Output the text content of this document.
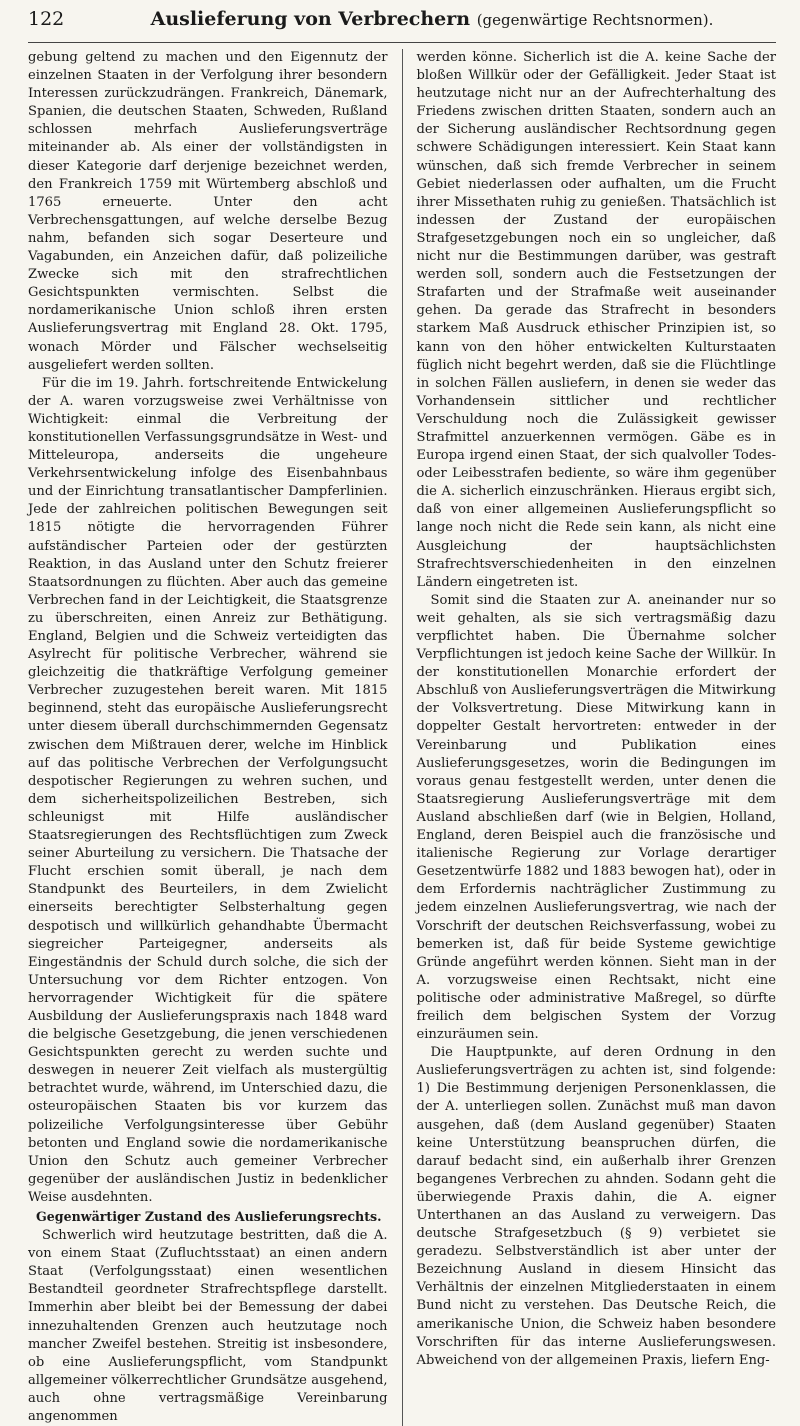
122	Auslieferung von Verbrechern (gegenwärtige Rechtsnormen).

gebung geltend zu machen und den Eigennutz der einzelnen Staaten in der Verfolgung ihrer besondern Interessen zurückzudrängen. Frankreich, Dänemark, Spanien, die deutschen Staaten, Schweden, Rußland schlossen mehrfach Auslieferungsverträge miteinander ab. Als einer der vollständigsten in dieser Kategorie darf derjenige bezeichnet werden, den Frankreich 1759 mit Würtemberg abschloß und 1765 erneuerte. Unter den acht Verbrechensgattungen, auf welche derselbe Bezug nahm, befanden sich sogar Deserteure und Vagabunden, ein Anzeichen dafür, daß polizeiliche Zwecke sich mit den strafrechtlichen Gesichtspunkten vermischten. Selbst die nordamerikanische Union schloß ihren ersten Auslieferungsvertrag mit England 28. Okt. 1795, wonach Mörder und Fälscher wechselseitig ausgeliefert werden sollten.

Für die im 19. Jahrh. fortschreitende Entwickelung der A. waren vorzugsweise zwei Verhältnisse von Wichtigkeit: einmal die Verbreitung der konstitutionellen Verfassungsgrundsätze in West- und Mitteleuropa, anderseits die ungeheure Verkehrsentwickelung infolge des Eisenbahnbaus und der Einrichtung transatlantischer Dampferlinien. Jede der zahlreichen politischen Bewegungen seit 1815 nötigte die hervorragenden Führer aufständischer Parteien oder der gestürzten Reaktion, in das Ausland unter den Schutz freierer Staatsordnungen zu flüchten. Aber auch das gemeine Verbrechen fand in der Leichtigkeit, die Staatsgrenze zu überschreiten, einen Anreiz zur Bethätigung. England, Belgien und die Schweiz verteidigten das Asylrecht für politische Verbrecher, während sie gleichzeitig die thatkräftige Verfolgung gemeiner Verbrecher zuzugestehen bereit waren. Mit 1815 beginnend, steht das europäische Auslieferungsrecht unter diesem überall durchschimmernden Gegensatz zwischen dem Mißtrauen derer, welche im Hinblick auf das politische Verbrechen der Verfolgungsucht despotischer Regierungen zu wehren suchen, und dem sicherheitspolizeilichen Bestreben, sich schleunigst mit Hilfe ausländischer Staatsregierungen des Rechtsflüchtigen zum Zweck seiner Aburteilung zu versichern. Die Thatsache der Flucht erschien somit überall, je nach dem Standpunkt des Beurteilers, in dem Zwielicht einerseits berechtigter Selbsterhaltung gegen despotisch und willkürlich gehandhabte Übermacht siegreicher Parteigegner, anderseits als Eingeständnis der Schuld durch solche, die sich der Untersuchung vor dem Richter entzogen. Von hervorragender Wichtigkeit für die spätere Ausbildung der Auslieferungspraxis nach 1848 ward die belgische Gesetzgebung, die jenen verschiedenen Gesichtspunkten gerecht zu werden suchte und deswegen in neuerer Zeit vielfach als mustergültig betrachtet wurde, während, im Unterschied dazu, die osteuropäischen Staaten bis vor kurzem das polizeiliche Verfolgungsinteresse über Gebühr betonten und England sowie die nordamerikanische Union den Schutz auch gemeiner Verbrecher gegenüber der ausländischen Justiz in bedenklicher Weise ausdehnten.

Gegenwärtiger Zustand des Auslieferungsrechts.

Schwerlich wird heutzutage bestritten, daß die A. von einem Staat (Zufluchtsstaat) an einen andern Staat (Verfolgungsstaat) einen wesentlichen Bestandteil geordneter Strafrechtspflege darstellt. Immerhin aber bleibt bei der Bemessung der dabei innezuhaltenden Grenzen auch heutzutage noch mancher Zweifel bestehen. Streitig ist insbesondere, ob eine Auslieferungspflicht, vom Standpunkt allgemeiner völkerrechtlicher Grundsätze ausgehend, auch ohne vertragsmäßige Vereinbarung angenommen

werden könne. Sicherlich ist die A. keine Sache der bloßen Willkür oder der Gefälligkeit. Jeder Staat ist heutzutage nicht nur an der Aufrechterhaltung des Friedens zwischen dritten Staaten, sondern auch an der Sicherung ausländischer Rechtsordnung gegen schwere Schädigungen interessiert. Kein Staat kann wünschen, daß sich fremde Verbrecher in seinem Gebiet niederlassen oder aufhalten, um die Frucht ihrer Missethaten ruhig zu genießen. Thatsächlich ist indessen der Zustand der europäischen Strafgesetzgebungen noch ein so ungleicher, daß nicht nur die Bestimmungen darüber, was gestraft werden soll, sondern auch die Festsetzungen der Strafarten und der Strafmaße weit auseinander gehen. Da gerade das Strafrecht in besonders starkem Maß Ausdruck ethischer Prinzipien ist, so kann von den höher entwickelten Kulturstaaten füglich nicht begehrt werden, daß sie die Flüchtlinge in solchen Fällen ausliefern, in denen sie weder das Vorhandensein sittlicher und rechtlicher Verschuldung noch die Zulässigkeit gewisser Strafmittel anzuerkennen vermögen. Gäbe es in Europa irgend einen Staat, der sich qualvoller Todes- oder Leibesstrafen bediente, so wäre ihm gegenüber die A. sicherlich einzuschränken. Hieraus ergibt sich, daß von einer allgemeinen Auslieferungspflicht so lange noch nicht die Rede sein kann, als nicht eine Ausgleichung der hauptsächlichsten Strafrechtsverschiedenheiten in den einzelnen Ländern eingetreten ist.

Somit sind die Staaten zur A. aneinander nur so weit gehalten, als sie sich vertragsmäßig dazu verpflichtet haben. Die Übernahme solcher Verpflichtungen ist jedoch keine Sache der Willkür. In der konstitutionellen Monarchie erfordert der Abschluß von Auslieferungsverträgen die Mitwirkung der Volksvertretung. Diese Mitwirkung kann in doppelter Gestalt hervortreten: entweder in der Vereinbarung und Publikation eines Auslieferungsgesetzes, worin die Bedingungen im voraus genau festgestellt werden, unter denen die Staatsregierung Auslieferungsverträge mit dem Ausland abschließen darf (wie in Belgien, Holland, England, deren Beispiel auch die französische und italienische Regierung zur Vorlage derartiger Gesetzentwürfe 1882 und 1883 bewogen hat), oder in dem Erfordernis nachträglicher Zustimmung zu jedem einzelnen Auslieferungsvertrag, wie nach der Vorschrift der deutschen Reichsverfassung, wobei zu bemerken ist, daß für beide Systeme gewichtige Gründe angeführt werden können. Sieht man in der A. vorzugsweise einen Rechtsakt, nicht eine politische oder administrative Maßregel, so dürfte freilich dem belgischen System der Vorzug einzuräumen sein.

Die Hauptpunkte, auf deren Ordnung in den Auslieferungsverträgen zu achten ist, sind folgende: 1) Die Bestimmung derjenigen Personenklassen, die der A. unterliegen sollen. Zunächst muß man davon ausgehen, daß (dem Ausland gegenüber) Staaten keine Unterstützung beanspruchen dürfen, die darauf bedacht sind, ein außerhalb ihrer Grenzen begangenes Verbrechen zu ahnden. Sodann geht die überwiegende Praxis dahin, die A. eigner Unterthanen an das Ausland zu verweigern. Das deutsche Strafgesetzbuch (§ 9) verbietet sie geradezu. Selbstverständlich ist aber unter der Bezeichnung Ausland in diesem Hinsicht das Verhältnis der einzelnen Mitgliederstaaten in einem Bund nicht zu verstehen. Das Deutsche Reich, die amerikanische Union, die Schweiz haben besondere Vorschriften für das interne Auslieferungswesen. Abweichend von der allgemeinen Praxis, liefern Eng-
